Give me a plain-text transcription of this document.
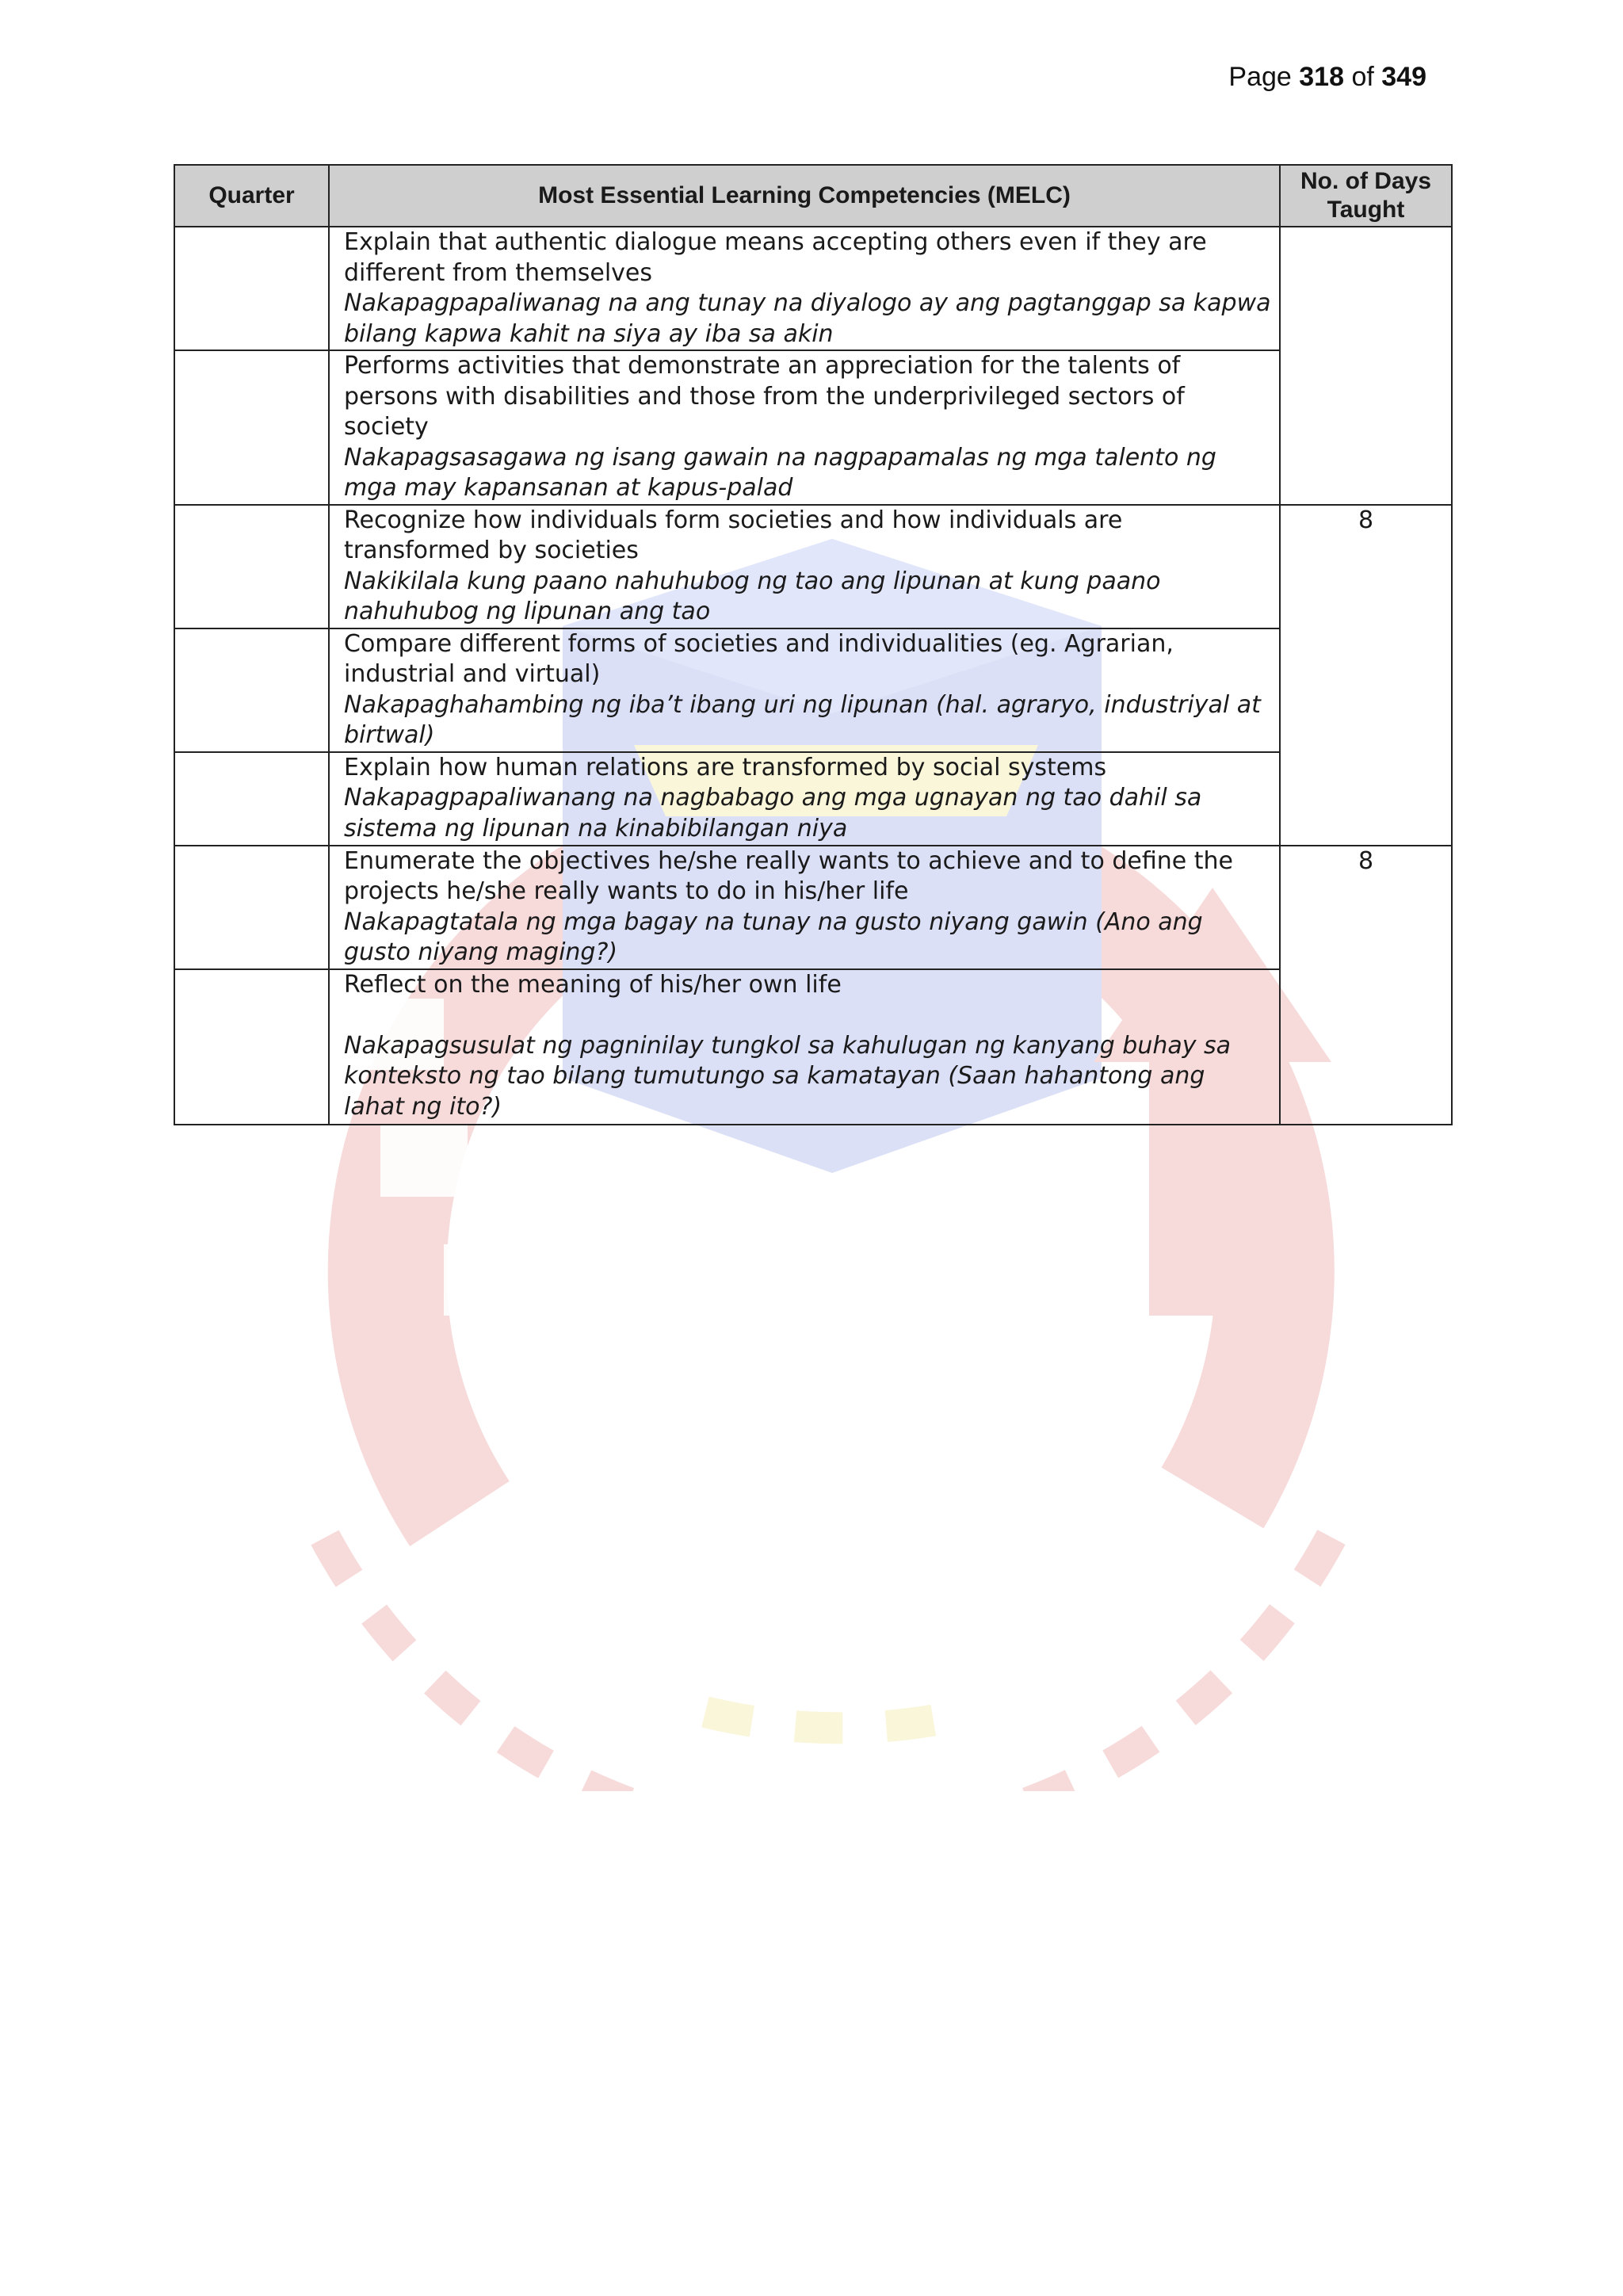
Page 318 of 349
Quarter	Most Essential Learning Competencies (MELC)	No. of Days Taught

	Explain that authentic dialogue means accepting others even if they are different from themselves
Nakapagpapaliwanag na ang tunay na diyalogo ay ang pagtanggap sa kapwa bilang kapwa kahit na siya ay iba sa akin	

	Performs activities that demonstrate an appreciation for the talents of persons with disabilities and those from the underprivileged sectors of society
Nakapagsasagawa ng isang gawain na nagpapamalas ng mga talento ng mga may kapansanan at kapus-palad	

	Recognize how individuals form societies and how individuals are transformed by societies
Nakikilala kung paano nahuhubog ng tao ang lipunan at kung paano nahuhubog ng lipunan ang tao	8

	Compare different forms of societies and individualities (eg. Agrarian, industrial and virtual)
Nakapaghahambing ng iba’t ibang uri ng lipunan (hal. agraryo, industriyal at birtwal)	

	Explain how human relations are transformed by social systems
Nakapagpapaliwanang na nagbabago ang mga ugnayan ng tao dahil sa sistema ng lipunan na kinabibilangan niya	

	Enumerate the objectives he/she really wants to achieve and to define the projects he/she really wants to do in his/her life
Nakapagtatala ng mga bagay na tunay na gusto niyang gawin (Ano ang gusto niyang maging?)	8

	Reflect on the meaning of his/her own life
Nakapagsusulat ng pagninilay tungkol sa kahulugan ng kanyang buhay sa konteksto ng tao bilang tumutungo sa kamatayan (Saan hahantong ang lahat ng ito?)	
